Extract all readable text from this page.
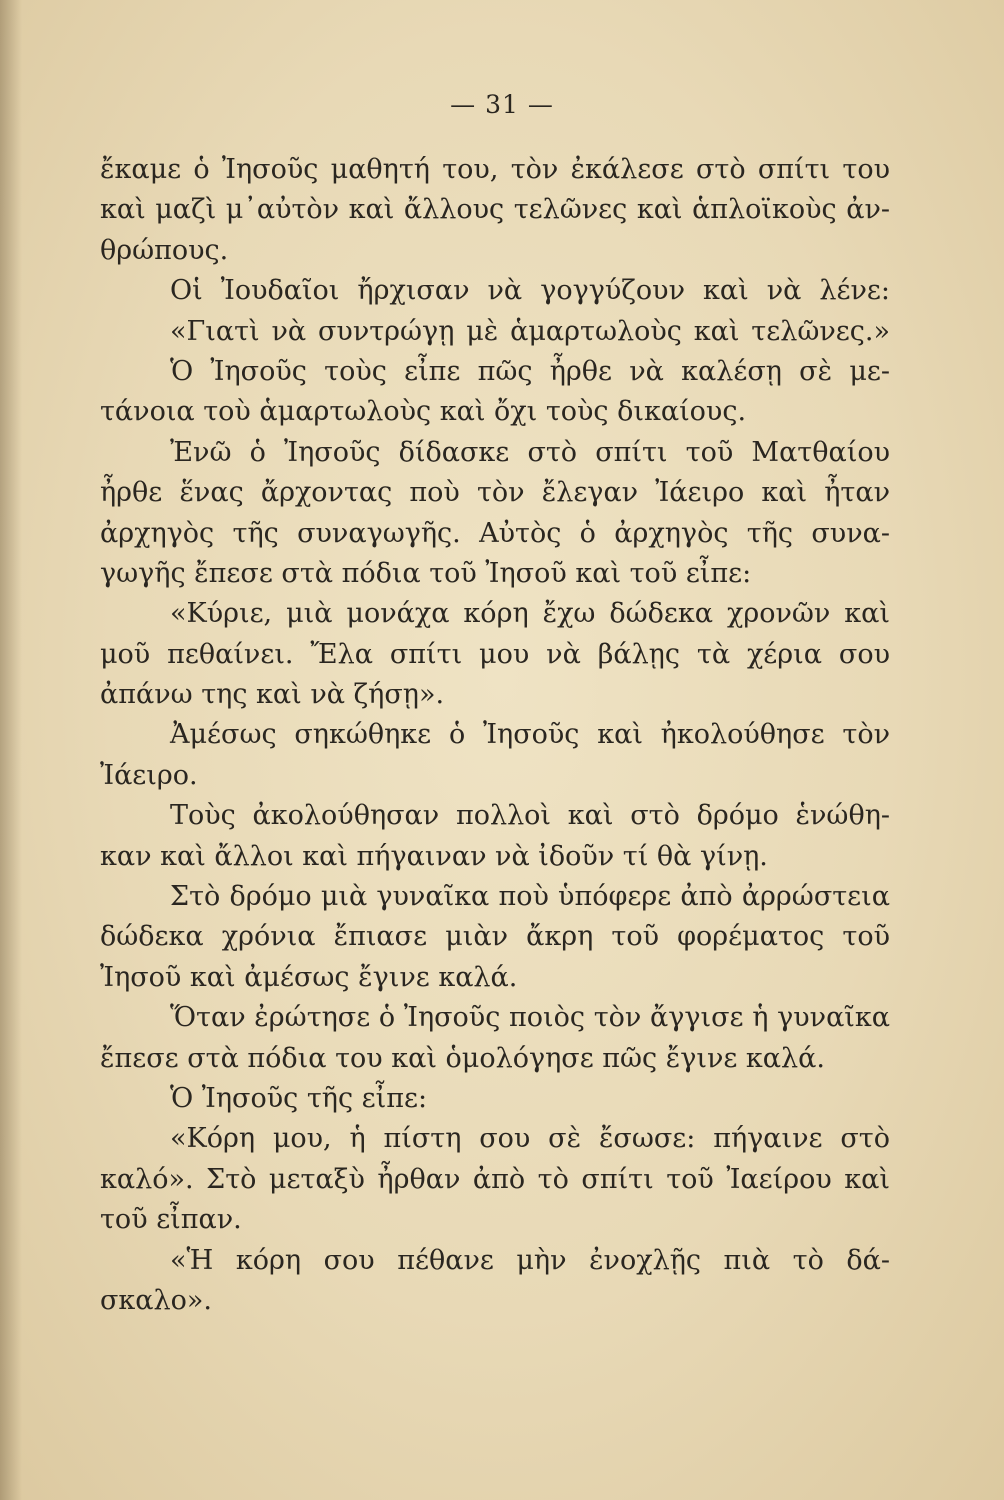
— 31 —
ἔκαμε ὁ Ἰησοῦς μαθητή του, τὸν ἐκάλεσε στὸ σπίτι του
καὶ μαζὶ μ᾽αὐτὸν καὶ ἄλλους τελῶνες καὶ ἁπλοϊκοὺς ἀν-
θρώπους.
Οἱ Ἰουδαῖοι ἤρχισαν νὰ γογγύζουν καὶ νὰ λένε:
«Γιατὶ νὰ συντρώγῃ μὲ ἁμαρτωλοὺς καὶ τελῶνες.»
Ὁ Ἰησοῦς τοὺς εἶπε πῶς ἦρθε νὰ καλέσῃ σὲ με-
τάνοια τοὺ ἁμαρτωλοὺς καὶ ὄχι τοὺς δικαίους.
Ἐνῶ ὁ Ἰησοῦς δίδασκε στὸ σπίτι τοῦ Ματθαίου
ἦρθε ἕνας ἄρχοντας ποὺ τὸν ἔλεγαν Ἰάειρο καὶ ἦταν
ἀρχηγὸς τῆς συναγωγῆς. Αὐτὸς ὁ ἀρχηγὸς τῆς συνα-
γωγῆς ἔπεσε στὰ πόδια τοῦ Ἰησοῦ καὶ τοῦ εἶπε:
«Κύριε, μιὰ μονάχα κόρη ἔχω δώδεκα χρονῶν καὶ
μοῦ πεθαίνει. Ἔλα σπίτι μου νὰ βάλῃς τὰ χέρια σου
ἀπάνω της καὶ νὰ ζήσῃ».
Ἀμέσως σηκώθηκε ὁ Ἰησοῦς καὶ ἠκολούθησε τὸν
Ἰάειρο.
Τοὺς ἀκολούθησαν πολλοὶ καὶ στὸ δρόμο ἑνώθη-
καν καὶ ἄλλοι καὶ πήγαιναν νὰ ἰδοῦν τί θὰ γίνῃ.
Στὸ δρόμο μιὰ γυναῖκα ποὺ ὑπόφερε ἀπὸ ἀρρώστεια
δώδεκα χρόνια ἔπιασε μιὰν ἄκρη τοῦ φορέματος τοῦ
Ἰησοῦ καὶ ἀμέσως ἔγινε καλά.
Ὅταν ἐρώτησε ὁ Ἰησοῦς ποιὸς τὸν ἄγγισε ἡ γυναῖκα
ἔπεσε στὰ πόδια του καὶ ὁμολόγησε πῶς ἔγινε καλά.
Ὁ Ἰησοῦς τῆς εἶπε:
«Κόρη μου, ἡ πίστη σου σὲ ἔσωσε: πήγαινε στὸ
καλό». Στὸ μεταξὺ ἦρθαν ἀπὸ τὸ σπίτι τοῦ Ἰαείρου καὶ
τοῦ εἶπαν.
«Ἡ κόρη σου πέθανε μὴν ἐνοχλῇς πιὰ τὸ δά-
σκαλο».
